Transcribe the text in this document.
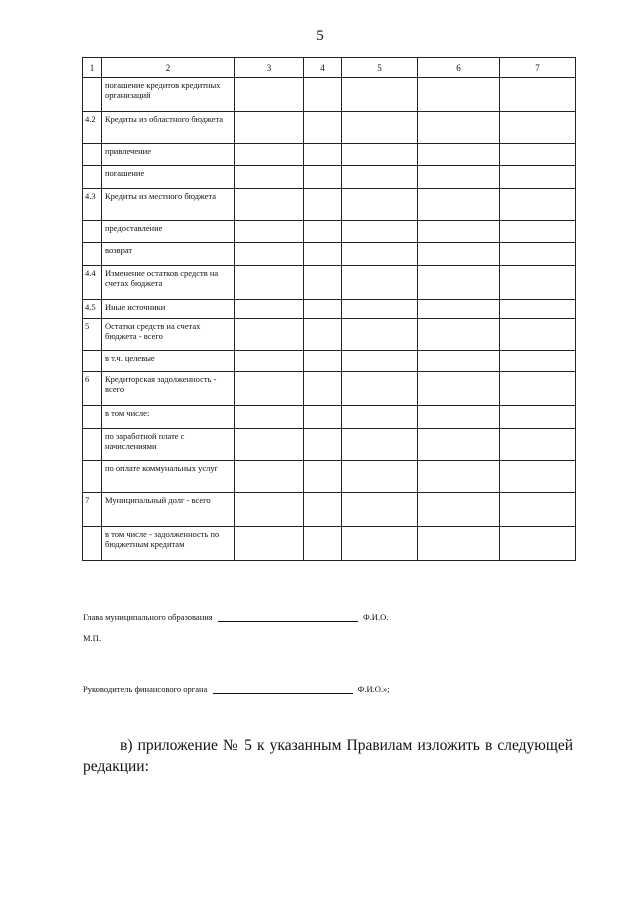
5
1	2	3	4	5	6	7
	погашение кредитов кредитных организаций					
4.2	Кредиты из областного бюджета					
	привлечение					
	погашение					
4.3	Кредиты из местного бюджета					
	предоставление					
	возврат					
4.4	Изменение остатков средств на счетах бюджета					
4.5	Иные источники					
5	Остатки средств на счетах бюджета - всего					
	в т.ч. целевые					
6	Кредиторская задолженность - всего					
	в том числе:					
	по заработной плате с начислениями					
	по оплате коммунальных услуг					
7	Муниципальный долг - всего					
	в том числе - задолженность по бюджетным кредитам					
Глава муниципального образования	Ф.И.О.
М.П.
Руководитель финансового органа	Ф.И.О.»;
в) приложение № 5 к указанным Правилам изложить в следующей редакции:
